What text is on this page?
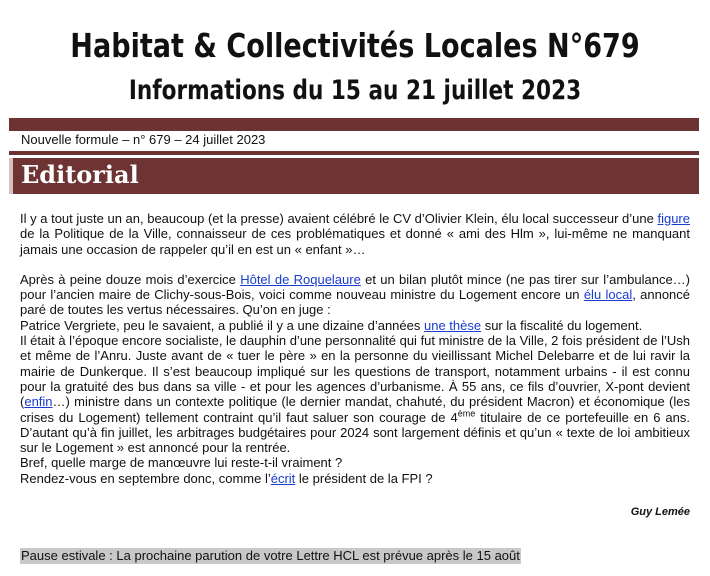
Habitat & Collectivités Locales N°679
Informations du 15 au 21 juillet 2023
Nouvelle formule – n° 679 – 24 juillet 2023
Editorial

Il y a tout juste un an, beaucoup (et la presse) avaient célébré le CV d’Olivier Klein, élu local successeur d’une figure de la Politique de la Ville, connaisseur de ces problématiques et donné « ami des Hlm », lui-même ne manquant jamais une occasion de rappeler qu’il en est un « enfant »…

Après à peine douze mois d’exercice Hôtel de Roquelaure et un bilan plutôt mince (ne pas tirer sur l’ambulance…) pour l’ancien maire de Clichy-sous-Bois, voici comme nouveau ministre du Logement encore un élu local, annoncé paré de toutes les vertus nécessaires. Qu’on en juge :

Patrice Vergriete, peu le savaient, a publié il y a une dizaine d’années une thèse sur la fiscalité du logement.

Il était à l’époque encore socialiste, le dauphin d’une personnalité qui fut ministre de la Ville, 2 fois président de l’Ush et même de l’Anru. Juste avant de « tuer le père » en la personne du vieillissant Michel Delebarre et de lui ravir la mairie de Dunkerque. Il s’est beaucoup impliqué sur les questions de transport, notamment urbains - il est connu pour la gratuité des bus dans sa ville - et pour les agences d’urbanisme. À 55 ans, ce fils d’ouvrier, X-pont devient (enfin…) ministre dans un contexte politique (le dernier mandat, chahuté, du président Macron) et économique (les crises du Logement) tellement contraint qu’il faut saluer son courage de 4ème titulaire de ce portefeuille en 6 ans. D’autant qu’à fin juillet, les arbitrages budgétaires pour 2024 sont largement définis et qu’un « texte de loi ambitieux sur le Logement » est annoncé pour la rentrée.

Bref, quelle marge de manœuvre lui reste-t-il vraiment ?

Rendez-vous en septembre donc, comme l’écrit le président de la FPI ?

Guy Lemée
Pause estivale : La prochaine parution de votre Lettre HCL est prévue après le 15 août
